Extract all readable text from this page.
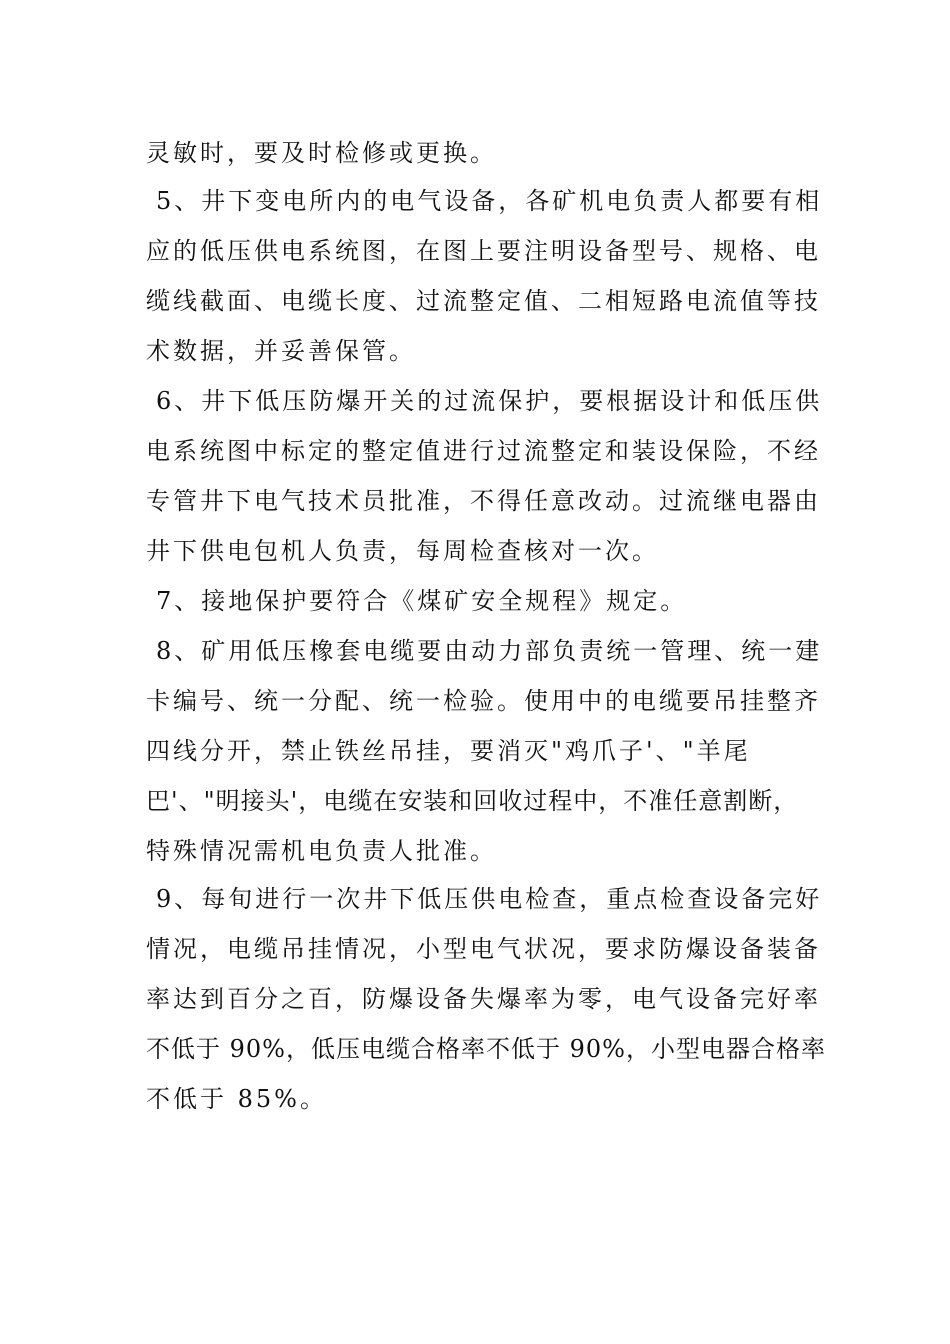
灵敏时，要及时检修或更换。
5、井下变电所内的电气设备，各矿机电负责人都要有相
应的低压供电系统图，在图上要注明设备型号、规格、电
缆线截面、电缆长度、过流整定值、二相短路电流值等技
术数据，并妥善保管。
6、井下低压防爆开关的过流保护，要根据设计和低压供
电系统图中标定的整定值进行过流整定和装设保险，不经
专管井下电气技术员批准，不得任意改动。过流继电器由
井下供电包机人负责，每周检查核对一次。
7、接地保护要符合《煤矿安全规程》规定。
8、矿用低压橡套电缆要由动力部负责统一管理、统一建
卡编号、统一分配、统一检验。使用中的电缆要吊挂整齐
四线分开，禁止铁丝吊挂，要消灭"鸡爪子'、"羊尾
巴'、"明接头'，电缆在安装和回收过程中，不准任意割断，
特殊情况需机电负责人批准。
9、每旬进行一次井下低压供电检查，重点检查设备完好
情况，电缆吊挂情况，小型电气状况，要求防爆设备装备
率达到百分之百，防爆设备失爆率为零，电气设备完好率
不低于 90%，低压电缆合格率不低于 90%，小型电器合格率
不低于 85%。
